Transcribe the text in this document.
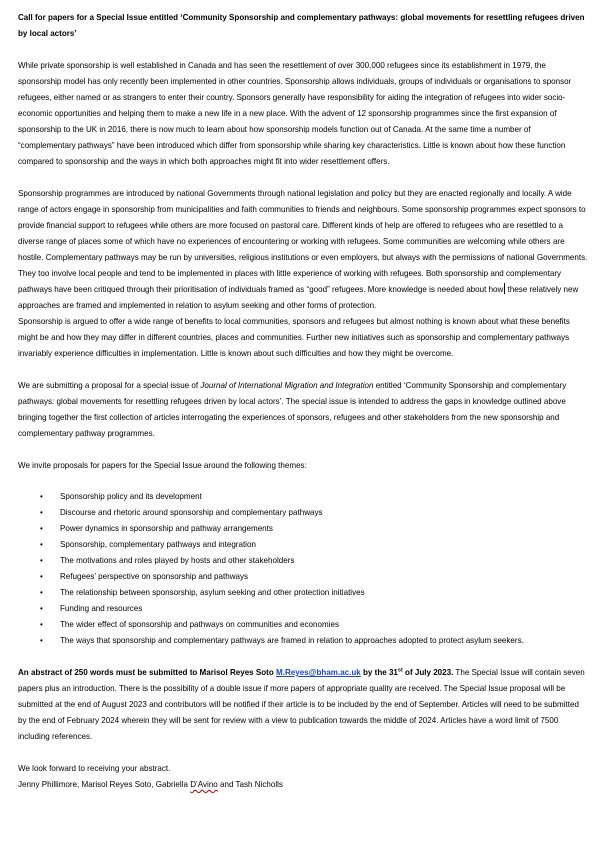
Call for papers for a Special Issue entitled ‘Community Sponsorship and complementary pathways: global movements for resettling refugees driven by local actors’

While private sponsorship is well established in Canada and has seen the resettlement of over 300,000 refugees since its establishment in 1979, the sponsorship model has only recently been implemented in other countries. Sponsorship allows individuals, groups of individuals or organisations to sponsor refugees, either named or as strangers to enter their country. Sponsors generally have responsibility for aiding the integration of refugees into wider socio-economic opportunities and helping them to make a new life in a new place. With the advent of 12 sponsorship programmes since the first expansion of sponsorship to the UK in 2016, there is now much to learn about how sponsorship models function out of Canada. At the same time a number of “complementary pathways” have been introduced which differ from sponsorship while sharing key characteristics. Little is known about how these function compared to sponsorship and the ways in which both approaches might fit into wider resettlement offers.

Sponsorship programmes are introduced by national Governments through national legislation and policy but they are enacted regionally and locally. A wide range of actors engage in sponsorship from municipalities and faith communities to friends and neighbours. Some sponsorship programmes expect sponsors to provide financial support to refugees while others are more focused on pastoral care. Different kinds of help are offered to refugees who are resettled to a diverse range of places some of which have no experiences of encountering or working with refugees. Some communities are welcoming while others are hostile. Complementary pathways may be run by universities, religious institutions or even employers, but always with the permissions of national Governments. They too involve local people and tend to be implemented in places with little experience of working with refugees. Both sponsorship and complementary pathways have been critiqued through their prioritisation of individuals framed as “good” refugees. More knowledge is needed about how these relatively new approaches are framed and implemented in relation to asylum seeking and other forms of protection.

Sponsorship is argued to offer a wide range of benefits to local communities, sponsors and refugees but almost nothing is known about what these benefits might be and how they may differ in different countries, places and communities. Further new initiatives such as sponsorship and complementary pathways invariably experience difficulties in implementation. Little is known about such difficulties and how they might be overcome.

We are submitting a proposal for a special issue of Journal of International Migration and Integration entitled ‘Community Sponsorship and complementary pathways: global movements for resettling refugees driven by local actors’. The special issue is intended to address the gaps in knowledge outlined above bringing together the first collection of articles interrogating the experiences of sponsors, refugees and other stakeholders from the new sponsorship and complementary pathway programmes.

We invite proposals for papers for the Special Issue around the following themes:

• Sponsorship policy and its development
• Discourse and rhetoric around sponsorship and complementary pathways
• Power dynamics in sponsorship and pathway arrangements
• Sponsorship, complementary pathways and integration
• The motivations and roles played by hosts and other stakeholders
• Refugees’ perspective on sponsorship and pathways
• The relationship between sponsorship, asylum seeking and other protection initiatives
• Funding and resources
• The wider effect of sponsorship and pathways on communities and economies
• The ways that sponsorship and complementary pathways are framed in relation to approaches adopted to protect asylum seekers.

An abstract of 250 words must be submitted to Marisol Reyes Soto M.Reyes@bham.ac.uk by the 31st of July 2023. The Special Issue will contain seven papers plus an introduction. There is the possibility of a double issue if more papers of appropriate quality are received. The Special Issue proposal will be submitted at the end of August 2023 and contributors will be notified if their article is to be included by the end of September. Articles will need to be submitted by the end of February 2024 wherein they will be sent for review with a view to publication towards the middle of 2024. Articles have a word limit of 7500 including references.

We look forward to receiving your abstract.

Jenny Phillimore, Marisol Reyes Soto, Gabriella D’Avino and Tash Nicholls
